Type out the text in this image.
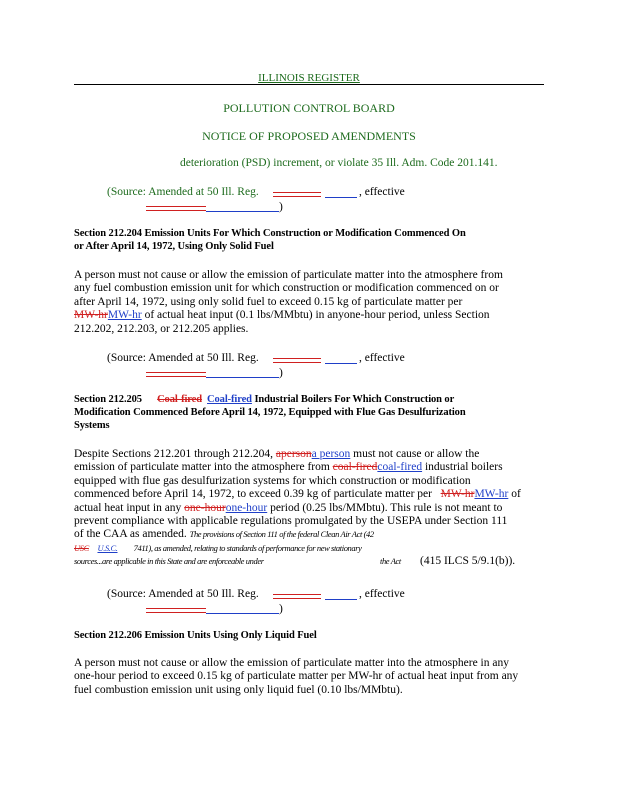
ILLINOIS REGISTER
POLLUTION CONTROL BOARD
NOTICE OF PROPOSED AMENDMENTS
deterioration (PSD) increment, or violate 35 Ill. Adm. Code 201.141.
(Source: Amended at 50 Ill. Reg.	, effective
)
Section 212.204 Emission Units For Which Construction or Modification Commenced On
or After April 14, 1972, Using Only Solid Fuel
A person must not cause or allow the emission of particulate matter into the atmosphere from
any fuel combustion emission unit for which construction or modification commenced on or
after April 14, 1972, using only solid fuel to exceed 0.15 kg of particulate matter per
MW-hrMW-hr of actual heat input (0.1 lbs/MMbtu) in anyone-hour period, unless Section
212.202, 212.203, or 212.205 applies.
(Source: Amended at 50 Ill. Reg.	, effective
)
Section 212.205 Coal-fired Coal-fired Industrial Boilers For Which Construction or
Modification Commenced Before April 14, 1972, Equipped with Flue Gas Desulfurization
Systems
Despite Sections 212.201 through 212.204, apersona person must not cause or allow the
emission of particulate matter into the atmosphere from coal-firedcoal-fired industrial boilers
equipped with flue gas desulfurization systems for which construction or modification
commenced before April 14, 1972, to exceed 0.39 kg of particulate matter per MW-hrMW-hr of
actual heat input in any one-hourone-hour period (0.25 lbs/MMbtu). This rule is not meant to
prevent compliance with applicable regulations promulgated by the USEPA under Section 111
of the CAA as amended. The provisions of Section 111 of the federal Clean Air Act (42
USC U.S.C.      7411), as amended, relating to standards of performance for new stationary
sources...are applicable in this State and are enforceable under	the Act (415 ILCS 5/9.1(b)).
(Source: Amended at 50 Ill. Reg.	, effective
)
Section 212.206 Emission Units Using Only Liquid Fuel
A person must not cause or allow the emission of particulate matter into the atmosphere in any
one-hour period to exceed 0.15 kg of particulate matter per MW-hr of actual heat input from any
fuel combustion emission unit using only liquid fuel (0.10 lbs/MMbtu).
